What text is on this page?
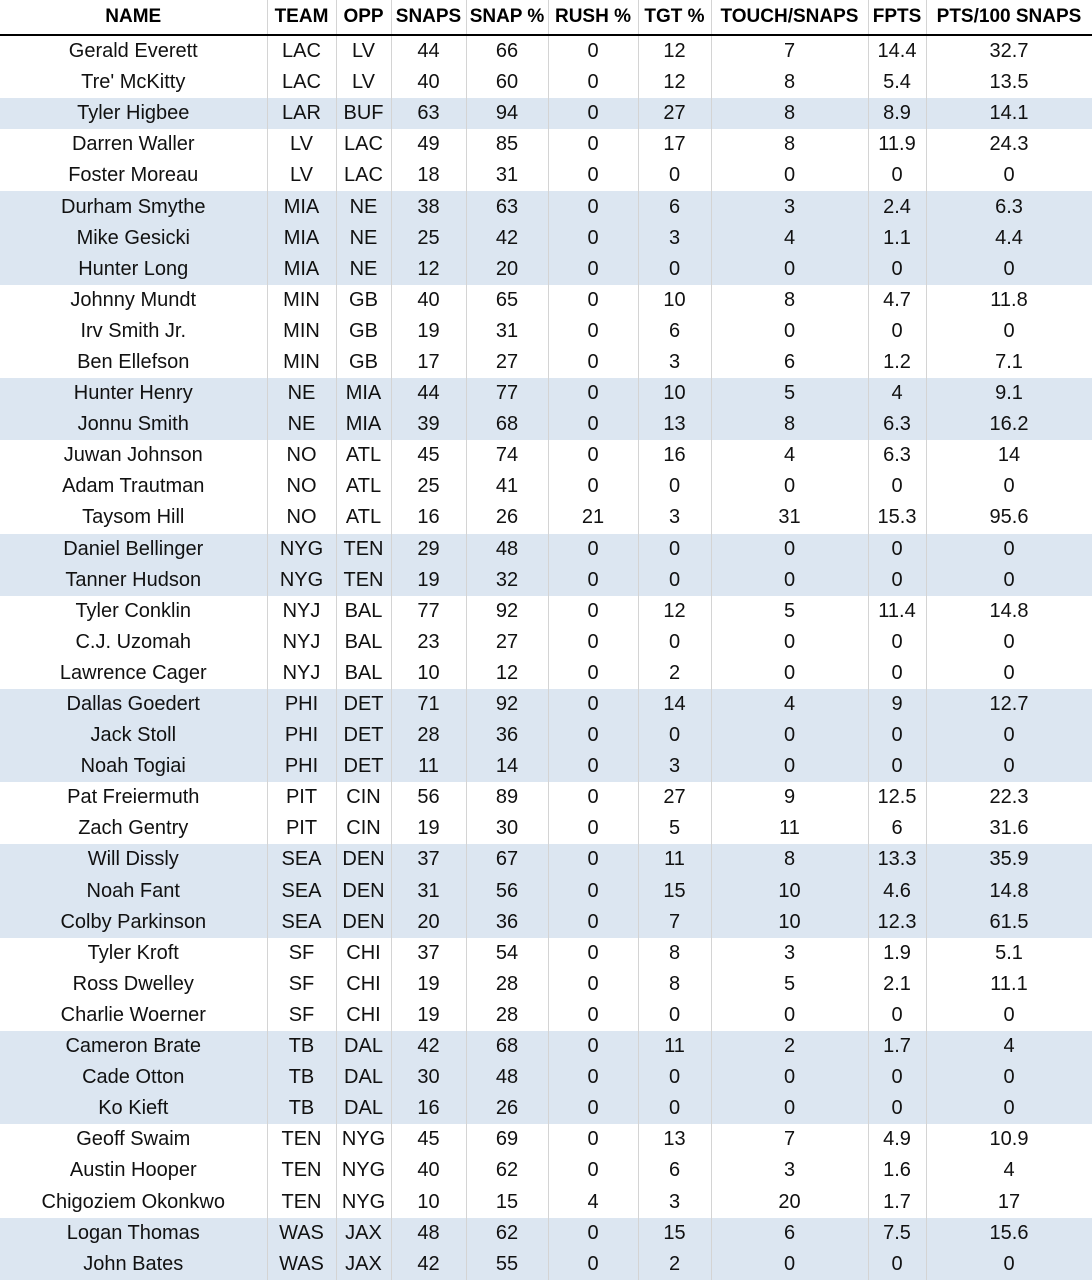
NAME	TEAM	OPP	SNAPS	SNAP %	RUSH %	TGT %	TOUCH/SNAPS	FPTS	PTS/100 SNAPS
Gerald Everett	LAC	LV	44	66	0	12	7	14.4	32.7
Tre' McKitty	LAC	LV	40	60	0	12	8	5.4	13.5
Tyler Higbee	LAR	BUF	63	94	0	27	8	8.9	14.1
Darren Waller	LV	LAC	49	85	0	17	8	11.9	24.3
Foster Moreau	LV	LAC	18	31	0	0	0	0	0
Durham Smythe	MIA	NE	38	63	0	6	3	2.4	6.3
Mike Gesicki	MIA	NE	25	42	0	3	4	1.1	4.4
Hunter Long	MIA	NE	12	20	0	0	0	0	0
Johnny Mundt	MIN	GB	40	65	0	10	8	4.7	11.8
Irv Smith Jr.	MIN	GB	19	31	0	6	0	0	0
Ben Ellefson	MIN	GB	17	27	0	3	6	1.2	7.1
Hunter Henry	NE	MIA	44	77	0	10	5	4	9.1
Jonnu Smith	NE	MIA	39	68	0	13	8	6.3	16.2
Juwan Johnson	NO	ATL	45	74	0	16	4	6.3	14
Adam Trautman	NO	ATL	25	41	0	0	0	0	0
Taysom Hill	NO	ATL	16	26	21	3	31	15.3	95.6
Daniel Bellinger	NYG	TEN	29	48	0	0	0	0	0
Tanner Hudson	NYG	TEN	19	32	0	0	0	0	0
Tyler Conklin	NYJ	BAL	77	92	0	12	5	11.4	14.8
C.J. Uzomah	NYJ	BAL	23	27	0	0	0	0	0
Lawrence Cager	NYJ	BAL	10	12	0	2	0	0	0
Dallas Goedert	PHI	DET	71	92	0	14	4	9	12.7
Jack Stoll	PHI	DET	28	36	0	0	0	0	0
Noah Togiai	PHI	DET	11	14	0	3	0	0	0
Pat Freiermuth	PIT	CIN	56	89	0	27	9	12.5	22.3
Zach Gentry	PIT	CIN	19	30	0	5	11	6	31.6
Will Dissly	SEA	DEN	37	67	0	11	8	13.3	35.9
Noah Fant	SEA	DEN	31	56	0	15	10	4.6	14.8
Colby Parkinson	SEA	DEN	20	36	0	7	10	12.3	61.5
Tyler Kroft	SF	CHI	37	54	0	8	3	1.9	5.1
Ross Dwelley	SF	CHI	19	28	0	8	5	2.1	11.1
Charlie Woerner	SF	CHI	19	28	0	0	0	0	0
Cameron Brate	TB	DAL	42	68	0	11	2	1.7	4
Cade Otton	TB	DAL	30	48	0	0	0	0	0
Ko Kieft	TB	DAL	16	26	0	0	0	0	0
Geoff Swaim	TEN	NYG	45	69	0	13	7	4.9	10.9
Austin Hooper	TEN	NYG	40	62	0	6	3	1.6	4
Chigoziem Okonkwo	TEN	NYG	10	15	4	3	20	1.7	17
Logan Thomas	WAS	JAX	48	62	0	15	6	7.5	15.6
John Bates	WAS	JAX	42	55	0	2	0	0	0
